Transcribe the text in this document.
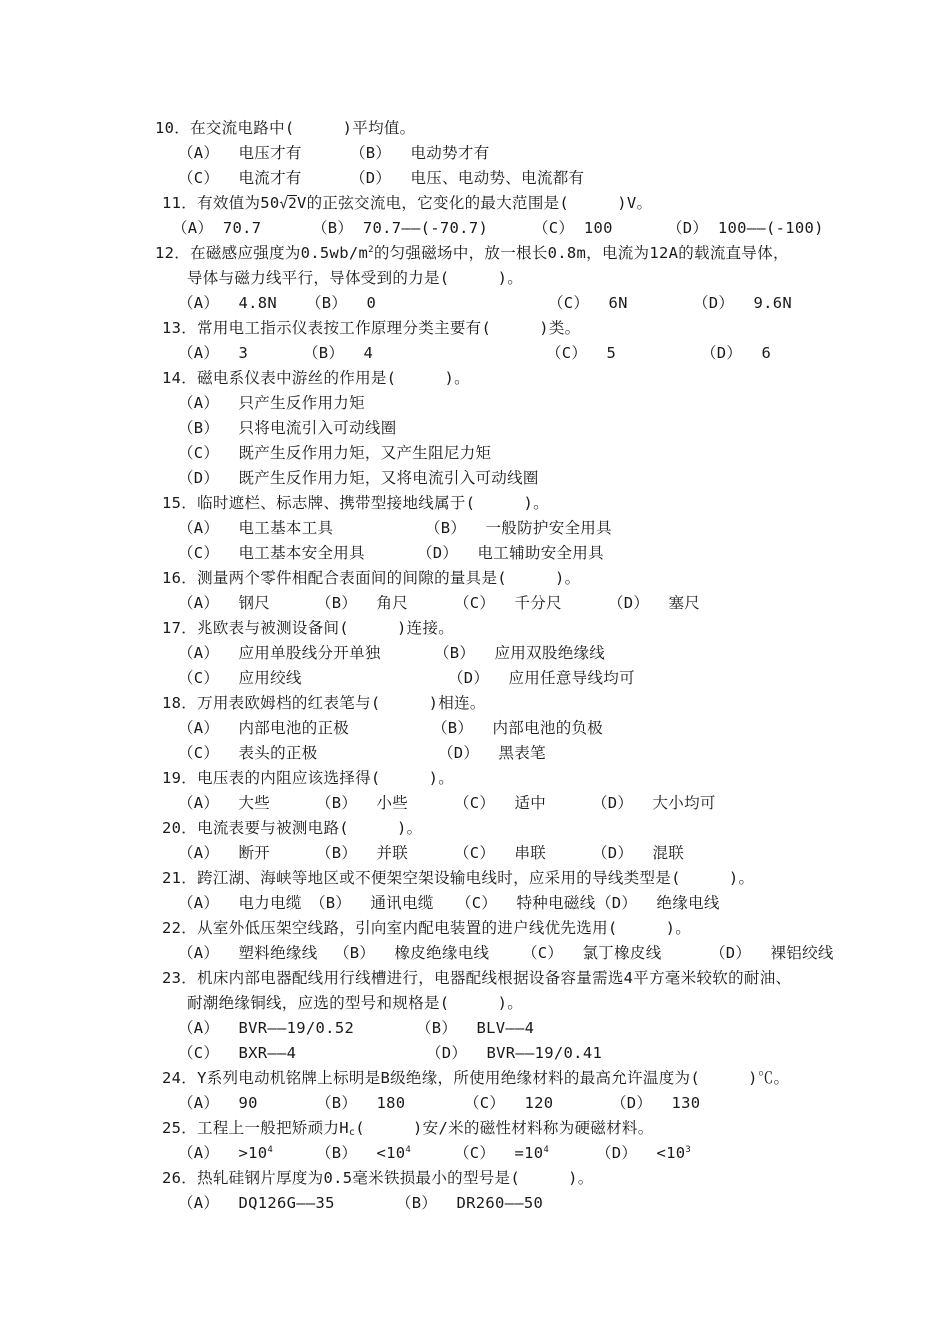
10．在交流电路中(     )平均值。
（A）  电压才有	（B）  电动势才有
（C）  电流才有	（D）  电压、电动势、电流都有
11．有效值为50√
2V的正弦交流电，它变化的最大范围是(     )V。
（A） 70.7	（B） 70.7——(-70.7)	（C） 100	（D） 100——(-100)
12．在磁感应强度为$0.5wb/m^2$的匀强磁场中，放一根长0.8m，电流为12A的载流直导体，
导体与磁力线平行，导体受到的力是(     )。
（A）  4.8N （B）  0	（C）  6N	（D）  9.6N
13．常用电工指示仪表按工作原理分类主要有(     )类。
（A）  3	（B）  4	（C）  5	（D）  6
14．磁电系仪表中游丝的作用是(     )。
（A）  只产生反作用力矩
（B）  只将电流引入可动线圈
（C）  既产生反作用力矩，又产生阻尼力矩
（D）  既产生反作用力矩，又将电流引入可动线圈
15．临时遮栏、标志牌、携带型接地线属于(     )。
（A）  电工基本工具	（B）  一般防护安全用具
（C）  电工基本安全用具	（D）  电工辅助安全用具
16．测量两个零件相配合表面间的间隙的量具是(     )。
（A）  钢尺	（B）  角尺	（C）  千分尺	（D）  塞尺
17．兆欧表与被测设备间(     )连接。
（A）  应用单股线分开单独	（B）  应用双股绝缘线
（C）  应用绞线	（D）  应用任意导线均可
18．万用表欧姆档的红表笔与(     )相连。
（A）  内部电池的正极	（B）  内部电池的负极
（C）  表头的正极	（D）  黑表笔
19．电压表的内阻应该选择得(     )。
（A）  大些	（B）  小些	（C）  适中	（D）  大小均可
20．电流表要与被测电路(     )。
（A）  断开	（B）  并联	（C）  串联	（D）  混联
21．跨江湖、海峡等地区或不便架空架设输电线时，应采用的导线类型是(     )。
（A）  电力电缆 （B）  通讯电缆 （C）  特种电磁线 （D）  绝缘电线
22．从室外低压架空线路，引向室内配电装置的进户线优先选用(     )。
（A）  塑料绝缘线 （B）  橡皮绝缘电线 （C）  氯丁橡皮线	（D）  裸铝绞线
23．机床内部电器配线用行线槽进行，电器配线根据设备容量需选4平方毫米较软的耐油、
耐潮绝缘铜线，应选的型号和规格是(     )。
（A）  BVR——19/0.52	（B）  BLV——4
（C）  BXR——4	（D）  BVR——19/0.41
24．Y系列电动机铭牌上标明是B级绝缘，所使用绝缘材料的最高允许温度为(     )℃。
（A）  90	（B）  180	（C）  120	（D）  130
25．工程上一般把矫顽力$H_c$(     )安/米的磁性材料称为硬磁材料。
$(A) >10^4$	$(B) <10^4$	$(C) =10^4$	$(D) <10^3$
26．热轧硅钢片厚度为0.5毫米铁损最小的型号是(     )。
（A）  DQ126G——35	（B）  DR260——50
